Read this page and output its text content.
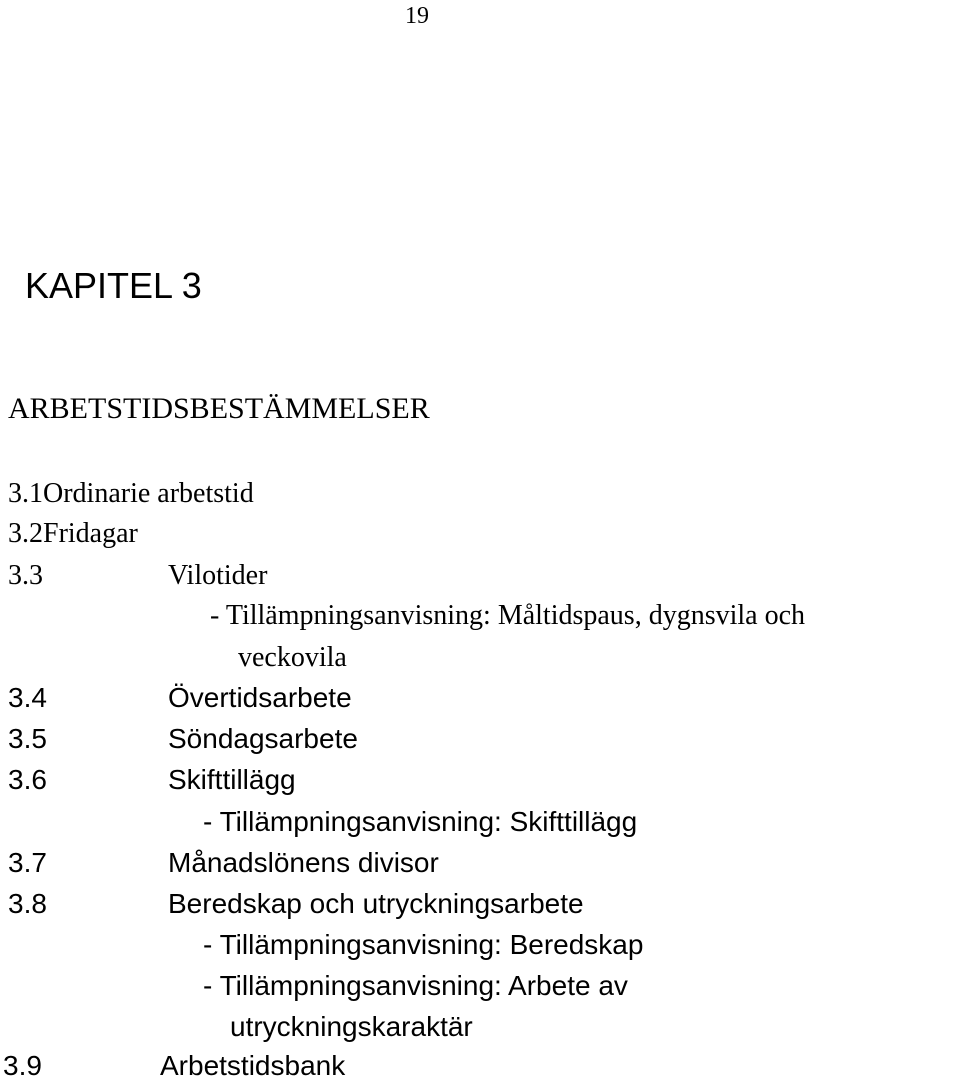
19
KAPITEL 3
ARBETSTIDSBESTÄMMELSER
3.1Ordinarie arbetstid
3.2Fridagar
3.3	Vilotider
- Tillämpningsanvisning: Måltidspaus, dygnsvila och
veckovila
3.4	Övertidsarbete
3.5	Söndagsarbete
3.6	Skifttillägg
- Tillämpningsanvisning: Skifttillägg
3.7	Månadslönens divisor
3.8	Beredskap och utryckningsarbete
- Tillämpningsanvisning: Beredskap
- Tillämpningsanvisning: Arbete av
utryckningskaraktär
3.9	Arbetstidsbank
